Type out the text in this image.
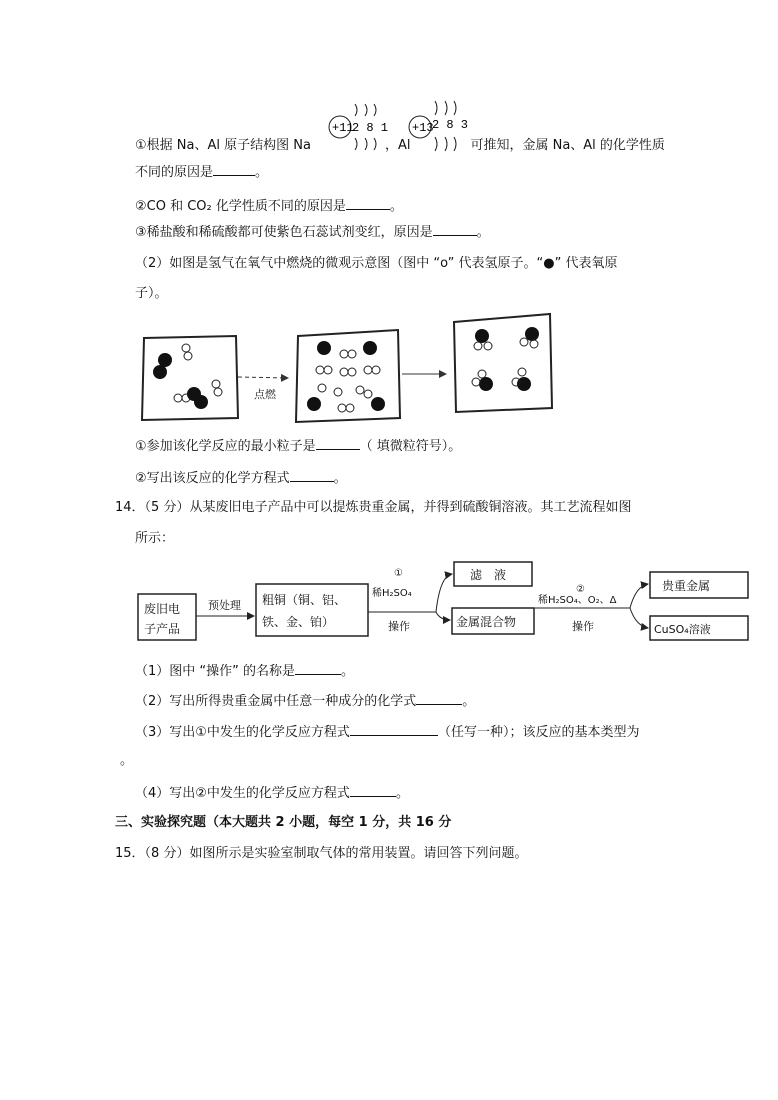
+11
2 8 1 +13
2 8 3
①根据 Na、Al 原子结构图 Na	，Al	可推知，金属 Na、Al 的化学性质
不同的原因是	。
②CO 和 CO₂ 化学性质不同的原因是	。
③稀盐酸和稀硫酸都可使紫色石蕊试剂变红，原因是	。
（2）如图是氢气在氧气中燃烧的微观示意图（图中 “o” 代表氢原子。“●” 代表氧原
子）。
点燃
①参加该化学反应的最小粒子是	（ 填微粒符号）。
②写出该反应的化学方程式	。
14．（5 分）从某废旧电子产品中可以提炼贵重金属，并得到硫酸铜溶液。其工艺流程如图
所示：
废旧电
子产品
预处理 粗铜（铜、铝、
铁、金、铂）
①
稀H₂SO₄
操作
滤　液
金属混合物
②
稀H₂SO₄、O₂、Δ
操作
贵重金属
CuSO₄溶液
（1）图中 “操作” 的名称是	。
（2）写出所得贵重金属中任意一种成分的化学式	。
（3）写出①中发生的化学反应方程式	（任写一种）；该反应的基本类型为
。
（4）写出②中发生的化学反应方程式	。
三、实验探究题（本大题共 2 小题，每空 1 分，共 16 分
15．（8 分）如图所示是实验室制取气体的常用装置。请回答下列问题。
